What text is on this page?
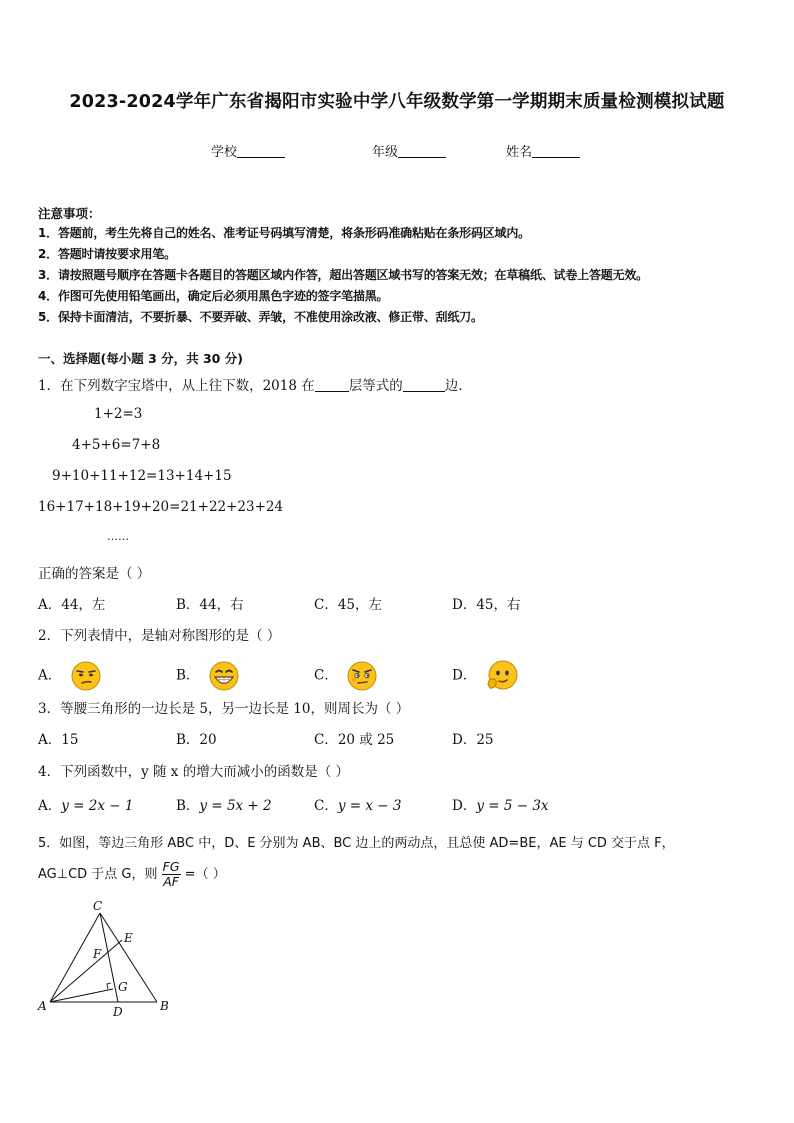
2023-2024学年广东省揭阳市实验中学八年级数学第一学期期末质量检测模拟试题
学校	年级	姓名
注意事项：
1．答题前，考生先将自己的姓名、准考证号码填写清楚，将条形码准确粘贴在条形码区域内。
2．答题时请按要求用笔。
3．请按照题号顺序在答题卡各题目的答题区域内作答，超出答题区域书写的答案无效；在草稿纸、试卷上答题无效。
4．作图可先使用铅笔画出，确定后必须用黑色字迹的签字笔描黑。
5．保持卡面清洁，不要折暴、不要弄破、弄皱，不准使用涂改液、修正带、刮纸刀。
一、选择题(每小题 3 分，共 30 分)
1．在下列数字宝塔中，从上往下数，2018 在	层等式的	边．
1+2=3
4+5+6=7+8
9+10+11+12=13+14+15
16+17+18+19+20=21+22+23+24
……
正确的答案是（ ）
A．44，左	B．44，右	C．45，左	D．45，右
2．下列表情中，是轴对称图形的是（ ）
A．	B．	C．	D．
3．等腰三角形的一边长是 5，另一边长是 10，则周长为（ ）
A．15	B．20	C．20 或 25	D．25
4．下列函数中，y 随 x 的增大而减小的函数是（ ）
A．y = 2x − 1	B．y = 5x + 2	C．y = x − 3	D．y = 5 − 3x
5．如图，等边三角形 ABC 中，D、E 分别为 AB、BC 边上的两动点，且总使 AD=BE，AE 与 CD 交于点 F，
AG⊥CD 于点 G，则 $\frac{FG}{AF}$ =（ ）
C
E
F
G
A	B
D
